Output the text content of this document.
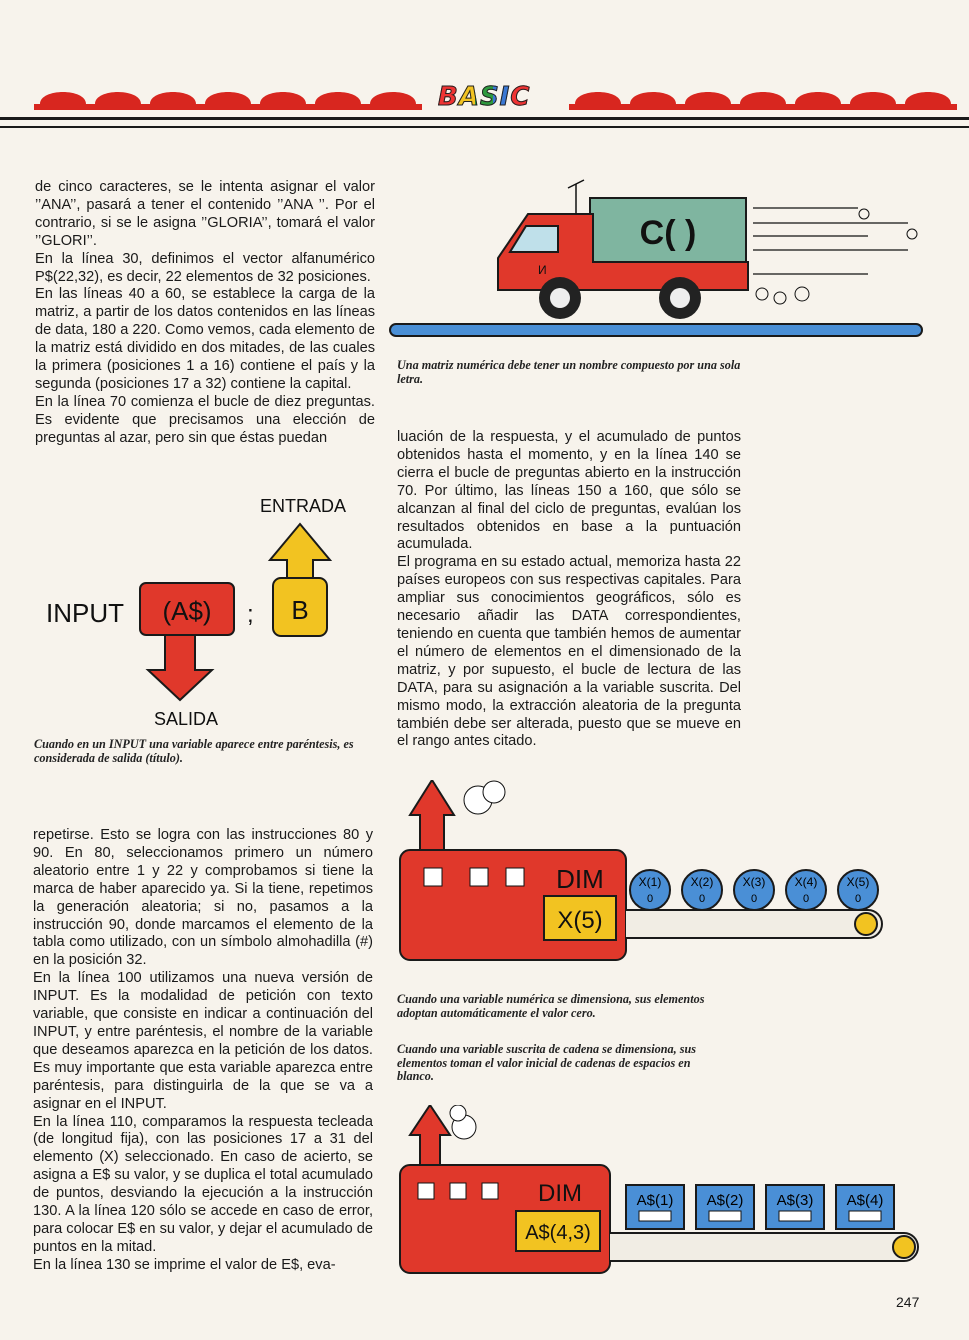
BASIC

de cinco caracteres, se le intenta asignar el valor ’’ANA’’, pasará a tener el contenido ’’ANA ’’. Por el contrario, si se le asigna ’’GLORIA’’, tomará el valor ’’GLORI’’.

En la línea 30, definimos el vector alfanumérico P$(22,32), es decir, 22 elementos de 32 posiciones.

En las líneas 40 a 60, se establece la carga de la matriz, a partir de los datos contenidos en las líneas de data, 180 a 220. Como vemos, cada elemento de la matriz está dividido en dos mitades, de las cuales la primera (posiciones 1 a 16) contiene el país y la segunda (posiciones 17 a 32) contiene la capital.

En la línea 70 comienza el bucle de diez preguntas. Es evidente que precisamos una elección de preguntas al azar, pero sin que éstas puedan

C( )
И
Una matriz numérica debe tener un nombre compuesto por una sola letra.

luación de la respuesta, y el acumulado de puntos obtenidos hasta el momento, y en la línea 140 se cierra el bucle de preguntas abierto en la instrucción 70. Por último, las líneas 150 a 160, que sólo se alcanzan al final del ciclo de preguntas, evalúan los resultados obtenidos en base a la puntuación acumulada.

El programa en su estado actual, memoriza hasta 22 países europeos con sus respectivas capitales. Para ampliar sus conocimientos geográficos, sólo es necesario añadir las DATA correspondientes, teniendo en cuenta que también hemos de aumentar el número de elementos en el dimensionado de la matriz, y por supuesto, el bucle de lectura de las DATA, para su asignación a la variable suscrita. Del mismo modo, la extracción aleatoria de la pregunta también debe ser alterada, puesto que se mueve en el rango antes citado.

ENTRADA
B
INPUT (A$) ;
SALIDA
Cuando en un INPUT una variable aparece entre paréntesis, es considerada de salida (título).

repetirse. Esto se logra con las instrucciones 80 y 90. En 80, seleccionamos primero un número aleatorio entre 1 y 22 y comprobamos si tiene la marca de haber aparecido ya. Si la tiene, repetimos la generación aleatoria; si no, pasamos a la instrucción 90, donde marcamos el elemento de la tabla como utilizado, con un símbolo almohadilla (#) en la posición 32.

En la línea 100 utilizamos una nueva versión de INPUT. Es la modalidad de petición con texto variable, que consiste en indicar a continuación del INPUT, y entre paréntesis, el nombre de la variable que deseamos aparezca en la petición de los datos. Es muy importante que esta variable aparezca entre paréntesis, para distinguirla de la que se va a asignar en el INPUT.

En la línea 110, comparamos la respuesta tecleada (de longitud fija), con las posiciones 17 a 31 del elemento (X) seleccionado. En caso de acierto, se asigna a E$ su valor, y se duplica el total acumulado de puntos, desviando la ejecución a la instrucción 130. A la línea 120 sólo se accede en caso de error, para colocar E$ en su valor, y dejar el acumulado de puntos en la mitad.

En la línea 130 se imprime el valor de E$, eva-

DIM
X(5)
X(1)
0
X(2)
0
X(3)
0
X(4)
0
X(5)
0
Cuando una variable numérica se dimensiona, sus elementos adoptan automáticamente el valor cero.
Cuando una variable suscrita de cadena se dimensiona, sus elementos toman el valor inicial de cadenas de espacios en blanco.
DIM
A$(4,3)
A$(1) A$(2) A$(3) A$(4)
247
